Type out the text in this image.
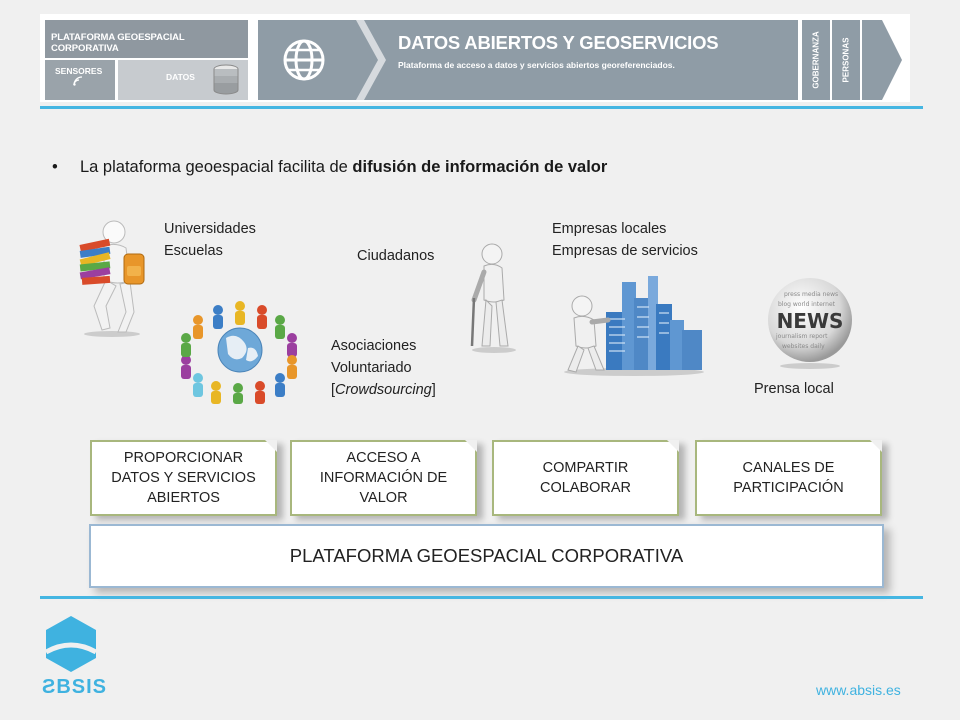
PLATAFORMA GEOESPACIAL CORPORATIVA
SENSORES
DATOS
DATOS ABIERTOS Y GEOSERVICIOS
Plataforma de acceso a datos y servicios abiertos georeferenciados.	GOBERNANZA	PERSONAS
• La plataforma geoespacial facilita de difusión de información de valor
press media news
blog world internet
journalism report
websites daily
NEWS
Universidades
Escuelas	Ciudadanos
Asociaciones
Voluntariado
[Crowdsourcing]
Empresas locales
Empresas de servicios
Prensa local
PROPORCIONAR
DATOS Y SERVICIOS
ABIERTOS
ACCESO A
INFORMACIÓN DE
VALOR
COMPARTIR
COLABORAR
CANALES DE
PARTICIPACIÓN
PLATAFORMA GEOESPACIAL CORPORATIVA
ƧBSIS	www.absis.es
